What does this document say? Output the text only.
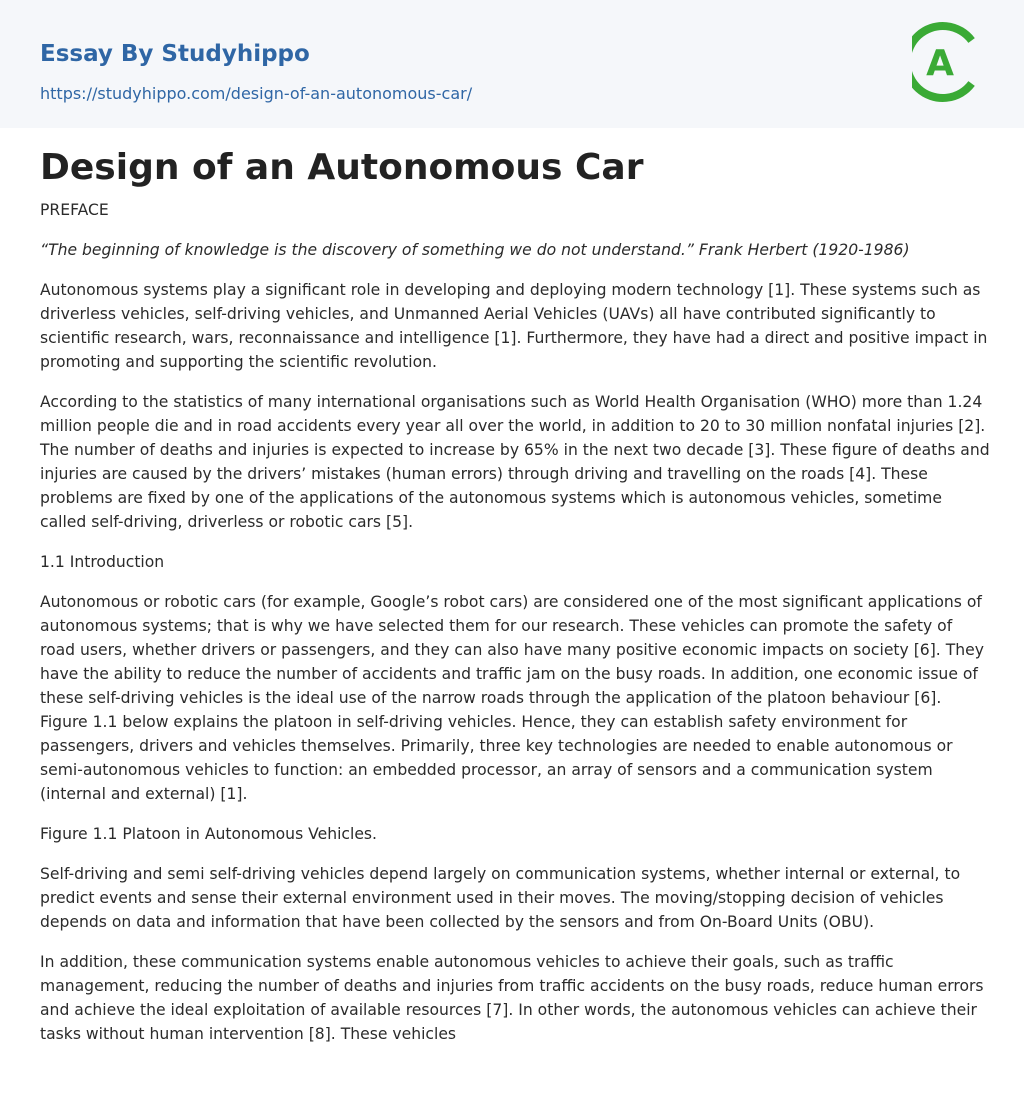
Essay By Studyhippo
https://studyhippo.com/design-of-an-autonomous-car/
A
Design of an Autonomous Car

PREFACE

“The beginning of knowledge is the discovery of something we do not understand.” Frank Herbert (1920-1986)

Autonomous systems play a significant role in developing and deploying modern technology [1]. These systems such as driverless vehicles, self-driving vehicles, and Unmanned Aerial Vehicles (UAVs) all have contributed significantly to scientific research, wars, reconnaissance and intelligence [1]. Furthermore, they have had a direct and positive impact in promoting and supporting the scientific revolution.

According to the statistics of many international organisations such as World Health Organisation (WHO) more than 1.24 million people die and in road accidents every year all over the world, in addition to 20 to 30 million nonfatal injuries [2]. The number of deaths and injuries is expected to increase by 65% in the next two decade [3]. These figure of deaths and injuries are caused by the drivers’ mistakes (human errors) through driving and travelling on the roads [4]. These problems are fixed by one of the applications of the autonomous systems which is autonomous vehicles, sometime called self-driving, driverless or robotic cars [5].

1.1 Introduction

Autonomous or robotic cars (for example, Google’s robot cars) are considered one of the most significant applications of autonomous systems; that is why we have selected them for our research. These vehicles can promote the safety of road users, whether drivers or passengers, and they can also have many positive economic impacts on society [6]. They have the ability to reduce the number of accidents and traffic jam on the busy roads. In addition, one economic issue of these self-driving vehicles is the ideal use of the narrow roads through the application of the platoon behaviour [6]. Figure 1.1 below explains the platoon in self-driving vehicles. Hence, they can establish safety environment for passengers, drivers and vehicles themselves. Primarily, three key technologies are needed to enable autonomous or semi-autonomous vehicles to function: an embedded processor, an array of sensors and a communication system (internal and external) [1].

Figure 1.1 Platoon in Autonomous Vehicles.

Self-driving and semi self-driving vehicles depend largely on communication systems, whether internal or external, to predict events and sense their external environment used in their moves. The moving/stopping decision of vehicles depends on data and information that have been collected by the sensors and from On-Board Units (OBU).

In addition, these communication systems enable autonomous vehicles to achieve their goals, such as traffic management, reducing the number of deaths and injuries from traffic accidents on the busy roads, reduce human errors and achieve the ideal exploitation of available resources [7]. In other words, the autonomous vehicles can achieve their tasks without human intervention [8]. These vehicles
